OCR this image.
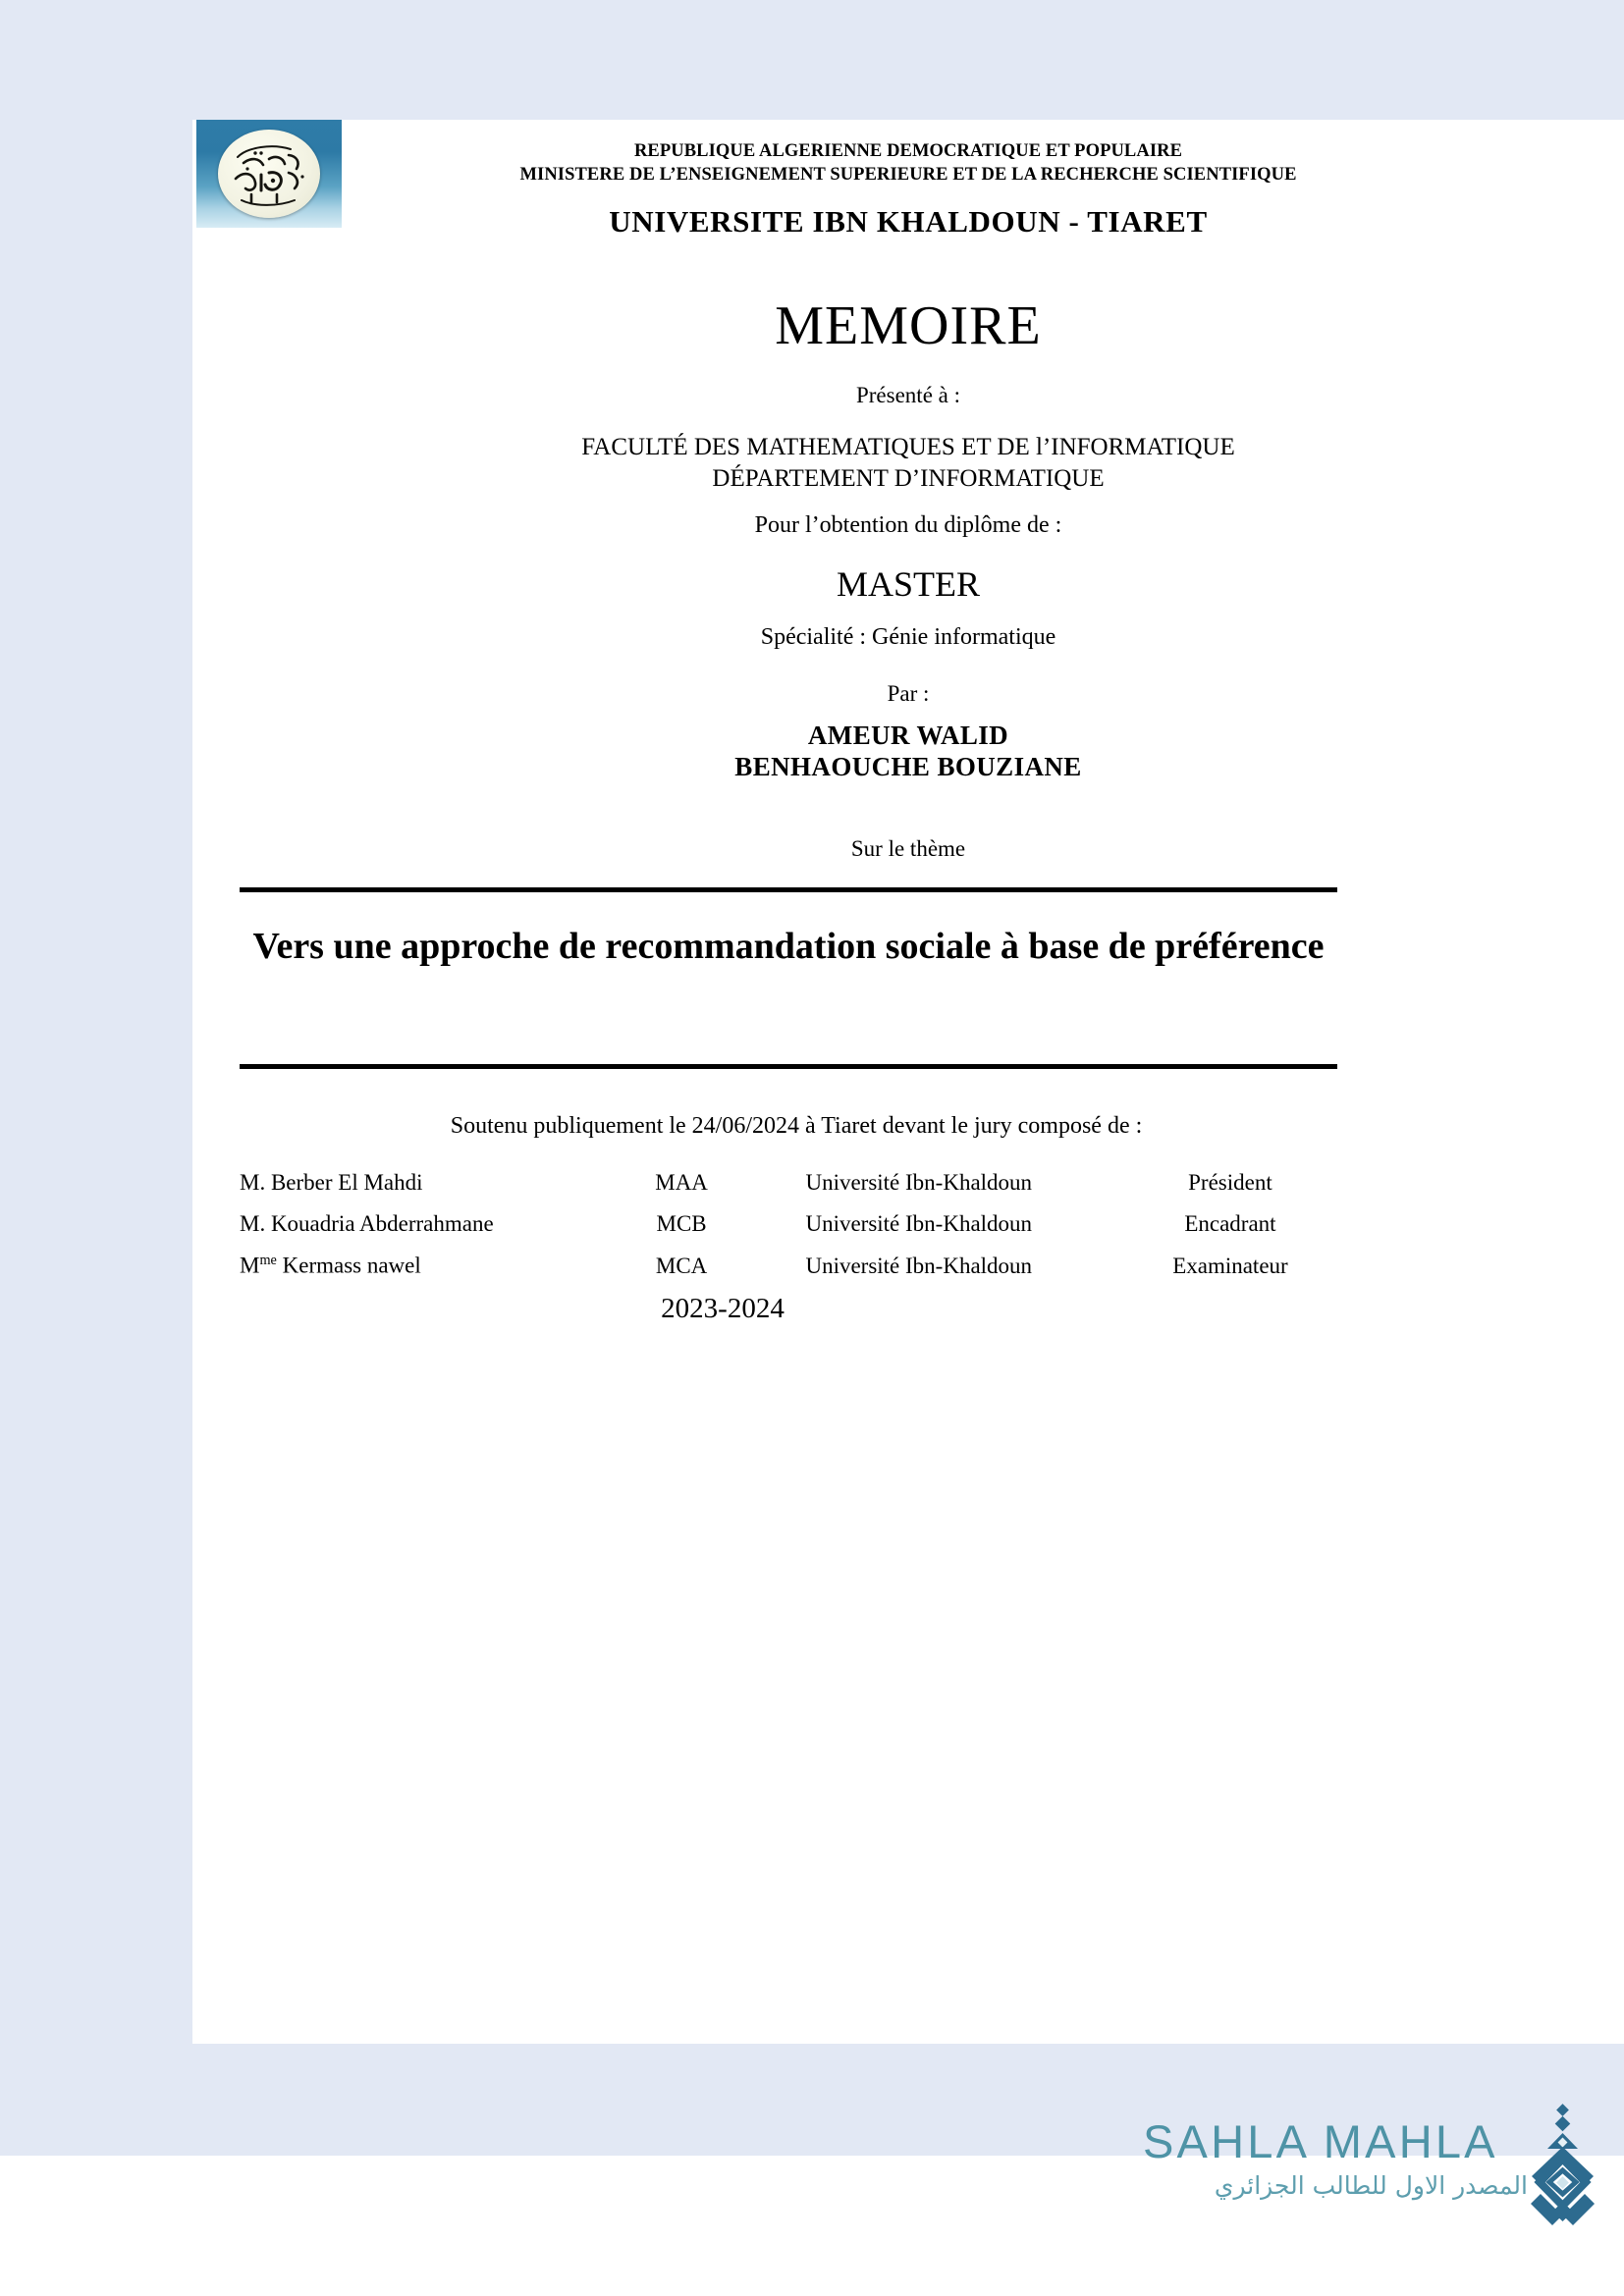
REPUBLIQUE ALGERIENNE DEMOCRATIQUE ET POPULAIRE
MINISTERE DE L’ENSEIGNEMENT SUPERIEURE ET DE LA RECHERCHE SCIENTIFIQUE
UNIVERSITE IBN KHALDOUN - TIARET
MEMOIRE
Présenté à :
FACULTÉ DES MATHEMATIQUES ET DE l’INFORMATIQUE
DÉPARTEMENT D’INFORMATIQUE
Pour l’obtention du diplôme de :
MASTER
Spécialité : Génie informatique
Par :
AMEUR WALID
BENHAOUCHE BOUZIANE
Sur le thème
Vers une approche de recommandation sociale à base de préférence
Soutenu publiquement le 24/06/2024 à Tiaret devant le jury composé de :
M. Berber El Mahdi	MAA	Université Ibn-Khaldoun	Président
M. Kouadria Abderrahmane	MCB	Université Ibn-Khaldoun	Encadrant
$M^{me}$ Kermass nawel	MCA	Université Ibn-Khaldoun	Examinateur
2023-2024
SAHLA MAHLA
المصدر الاول للطالب الجزائري
